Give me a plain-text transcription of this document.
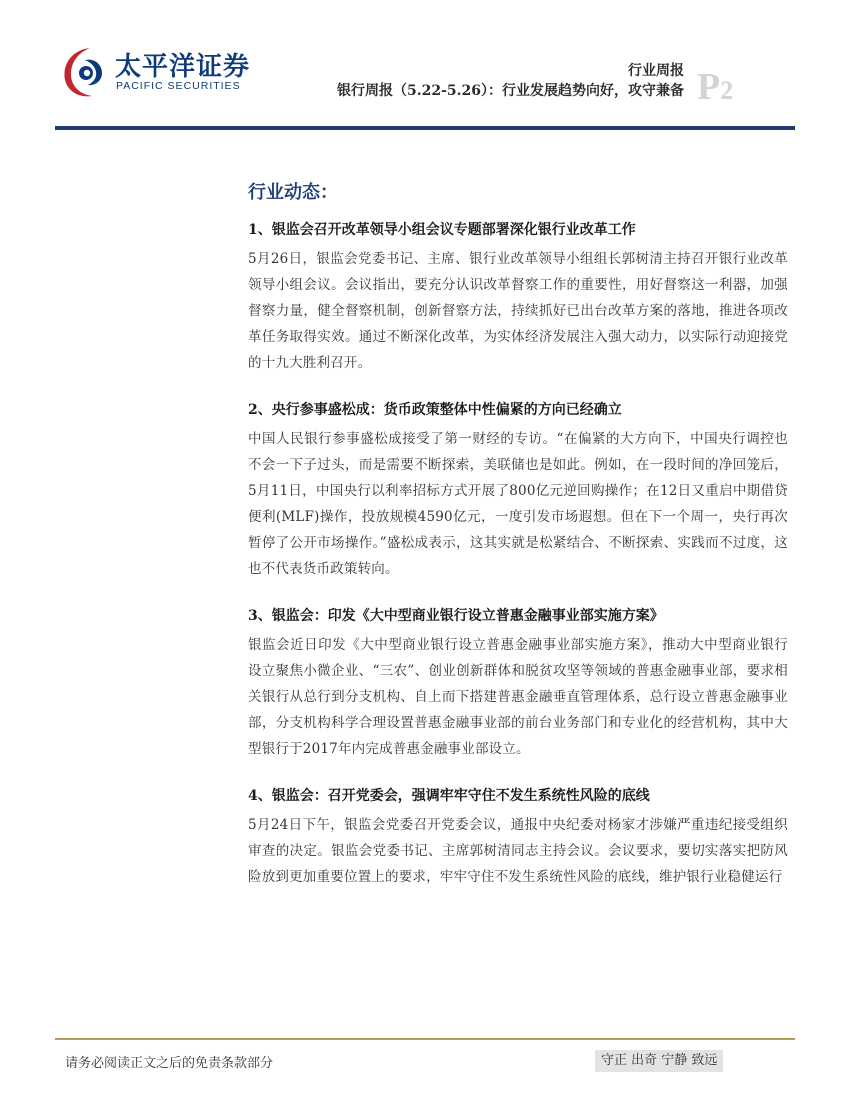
太平洋证券
PACIFIC SECURITIES
行业周报
银行周报（5.22-5.26）：行业发展趋势向好，攻守兼备 P2
行业动态：
1、银监会召开改革领导小组会议专题部署深化银行业改革工作
5月26日，银监会党委书记、主席、银行业改革领导小组组长郭树清主持召开银行业改革领导小组会议。会议指出，要充分认识改革督察工作的重要性，用好督察这一利器，加强督察力量，健全督察机制，创新督察方法，持续抓好已出台改革方案的落地，推进各项改革任务取得实效。通过不断深化改革，为实体经济发展注入强大动力，以实际行动迎接党的十九大胜利召开。
2、央行参事盛松成：货币政策整体中性偏紧的方向已经确立
中国人民银行参事盛松成接受了第一财经的专访。“在偏紧的大方向下，中国央行调控也不会一下子过头，而是需要不断探索，美联储也是如此。例如，在一段时间的净回笼后，5月11日，中国央行以利率招标方式开展了800亿元逆回购操作；在12日又重启中期借贷便利(MLF)操作，投放规模4590亿元，一度引发市场遐想。但在下一个周一，央行再次暂停了公开市场操作。”盛松成表示，这其实就是松紧结合、不断探索、实践而不过度，这也不代表货币政策转向。
3、银监会：印发《大中型商业银行设立普惠金融事业部实施方案》
银监会近日印发《大中型商业银行设立普惠金融事业部实施方案》，推动大中型商业银行设立聚焦小微企业、“三农”、创业创新群体和脱贫攻坚等领域的普惠金融事业部，要求相关银行从总行到分支机构、自上而下搭建普惠金融垂直管理体系，总行设立普惠金融事业部，分支机构科学合理设置普惠金融事业部的前台业务部门和专业化的经营机构，其中大型银行于2017年内完成普惠金融事业部设立。
4、银监会：召开党委会，强调牢牢守住不发生系统性风险的底线
5月24日下午，银监会党委召开党委会议，通报中央纪委对杨家才涉嫌严重违纪接受组织审查的决定。银监会党委书记、主席郭树清同志主持会议。会议要求，要切实落实把防风险放到更加重要位置上的要求，牢牢守住不发生系统性风险的底线，维护银行业稳健运行
请务必阅读正文之后的免责条款部分	守正 出奇 宁静 致远
